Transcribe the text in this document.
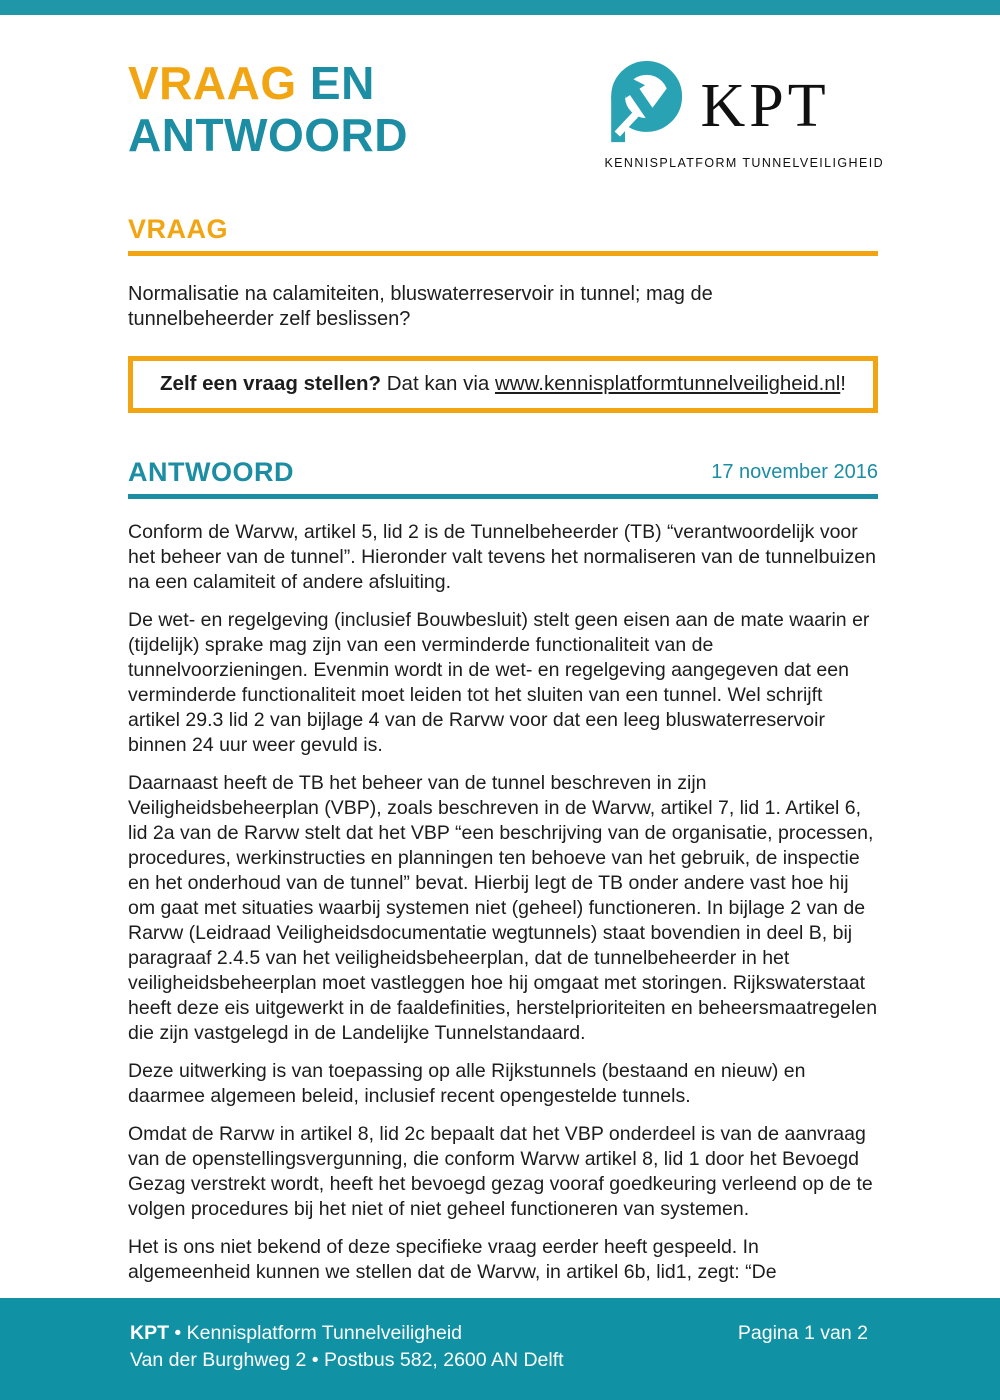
VRAAG EN
ANTWOORD	KPT
KENNISPLATFORM TUNNELVEILIGHEID
VRAAG
Normalisatie na calamiteiten, bluswaterreservoir in tunnel; mag de tunnelbeheerder zelf beslissen?
Zelf een vraag stellen? Dat kan via www.kennisplatformtunnelveiligheid.nl!
ANTWOORD	17 november 2016

Conform de Warvw, artikel 5, lid 2 is de Tunnelbeheerder (TB) “verantwoordelijk voor het beheer van de tunnel”. Hieronder valt tevens het normaliseren van de tunnelbuizen na een calamiteit of andere afsluiting.

De wet- en regelgeving (inclusief Bouwbesluit) stelt geen eisen aan de mate waarin er (tijdelijk) sprake mag zijn van een verminderde functionaliteit van de tunnelvoorzieningen. Evenmin wordt in de wet- en regelgeving aangegeven dat een verminderde functionaliteit moet leiden tot het sluiten van een tunnel. Wel schrijft artikel 29.3 lid 2 van bijlage 4 van de Rarvw voor dat een leeg bluswaterreservoir binnen 24 uur weer gevuld is.

Daarnaast heeft de TB het beheer van de tunnel beschreven in zijn Veiligheidsbeheerplan (VBP), zoals beschreven in de Warvw, artikel 7, lid 1. Artikel 6, lid 2a van de Rarvw stelt dat het VBP “een beschrijving van de organisatie, processen, procedures, werkinstructies en planningen ten behoeve van het gebruik, de inspectie en het onderhoud van de tunnel” bevat. Hierbij legt de TB onder andere vast hoe hij om gaat met situaties waarbij systemen niet (geheel) functioneren. In bijlage 2 van de Rarvw (Leidraad Veiligheidsdocumentatie wegtunnels) staat bovendien in deel B, bij paragraaf 2.4.5 van het veiligheidsbeheerplan, dat de tunnelbeheerder in het veiligheidsbeheerplan moet vastleggen hoe hij omgaat met storingen. Rijkswaterstaat heeft deze eis uitgewerkt in de faaldefinities, herstelprioriteiten en beheersmaatregelen die zijn vastgelegd in de Landelijke Tunnelstandaard.

Deze uitwerking is van toepassing op alle Rijkstunnels (bestaand en nieuw) en daarmee algemeen beleid, inclusief recent opengestelde tunnels.

Omdat de Rarvw in artikel 8, lid 2c bepaalt dat het VBP onderdeel is van de aanvraag van de openstellingsvergunning, die conform Warvw artikel 8, lid 1 door het Bevoegd Gezag verstrekt wordt, heeft het bevoegd gezag vooraf goedkeuring verleend op de te volgen procedures bij het niet of niet geheel functioneren van systemen.

Het is ons niet bekend of deze specifieke vraag eerder heeft gespeeld. In algemeenheid kunnen we stellen dat de Warvw, in artikel 6b, lid1, zegt: “De

KPT • Kennisplatform Tunnelveiligheid
Van der Burghweg 2 • Postbus 582, 2600 AN Delft
Pagina 1 van 2
